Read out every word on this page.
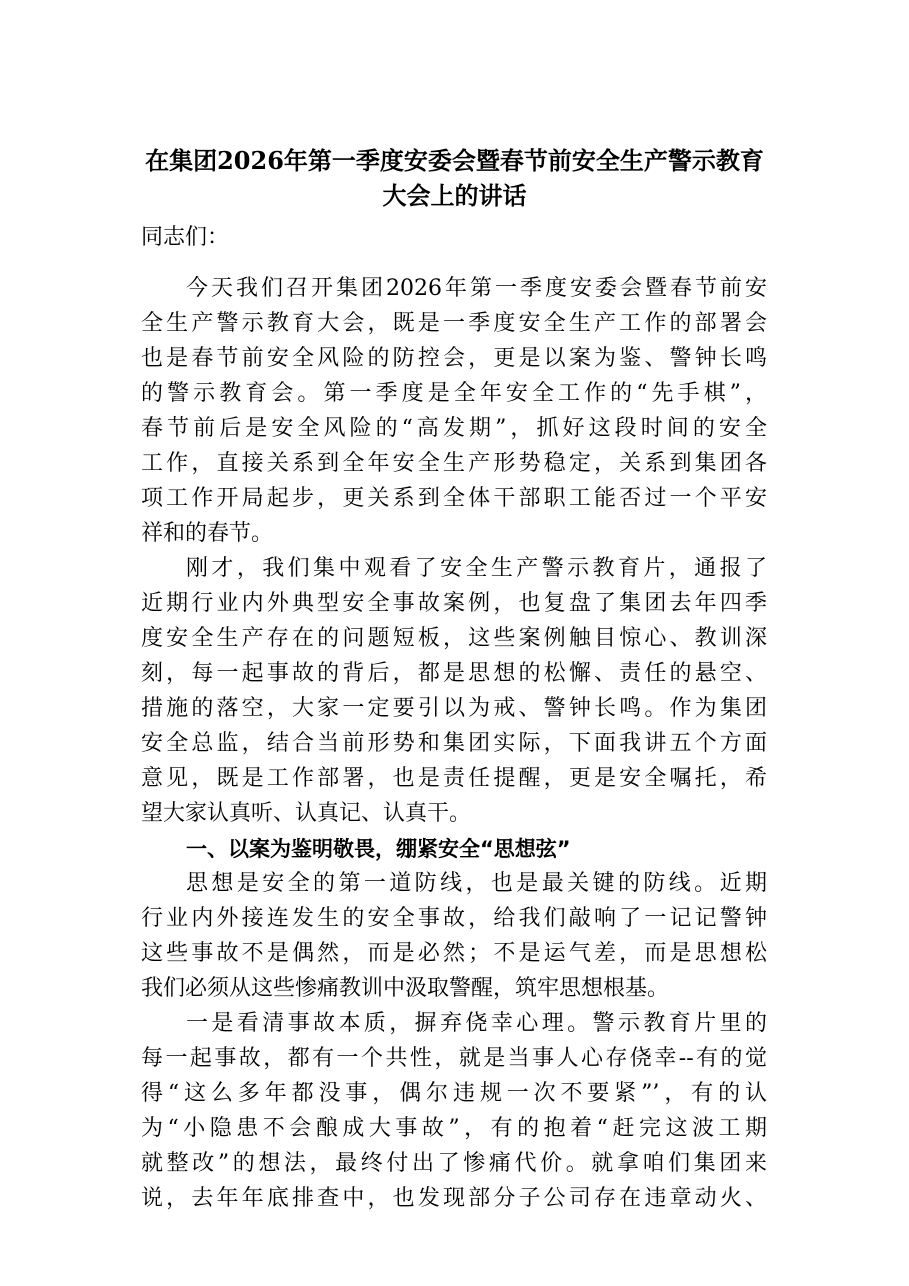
在集团2026年第一季度安委会暨春节前安全生产警示教育
大会上的讲话
同志们：
今天我们召开集团2026年第一季度安委会暨春节前安
全生产警示教育大会，既是一季度安全生产工作的部署会
也是春节前安全风险的防控会，更是以案为鉴、警钟长鸣
的警示教育会。第一季度是全年安全工作的“先手棋”，
春节前后是安全风险的“高发期”，抓好这段时间的安全
工作，直接关系到全年安全生产形势稳定，关系到集团各
项工作开局起步，更关系到全体干部职工能否过一个平安
祥和的春节。
刚才，我们集中观看了安全生产警示教育片，通报了
近期行业内外典型安全事故案例，也复盘了集团去年四季
度安全生产存在的问题短板，这些案例触目惊心、教训深
刻，每一起事故的背后，都是思想的松懈、责任的悬空、
措施的落空，大家一定要引以为戒、警钟长鸣。作为集团
安全总监，结合当前形势和集团实际，下面我讲五个方面
意见，既是工作部署，也是责任提醒，更是安全嘱托，希
望大家认真听、认真记、认真干。
一、以案为鉴明敬畏，绷紧安全“思想弦”
思想是安全的第一道防线，也是最关键的防线。近期
行业内外接连发生的安全事故，给我们敲响了一记记警钟
这些事故不是偶然，而是必然；不是运气差，而是思想松
我们必须从这些惨痛教训中汲取警醒，筑牢思想根基。
一是看清事故本质，摒弃侥幸心理。警示教育片里的
每一起事故，都有一个共性，就是当事人心存侥幸--有的觉
得“这么多年都没事，偶尔违规一次不要紧”’，有的认
为“小隐患不会酿成大事故”，有的抱着“赶完这波工期
就整改”的想法，最终付出了惨痛代价。就拿咱们集团来
说，去年年底排查中，也发现部分子公司存在违章动火、
